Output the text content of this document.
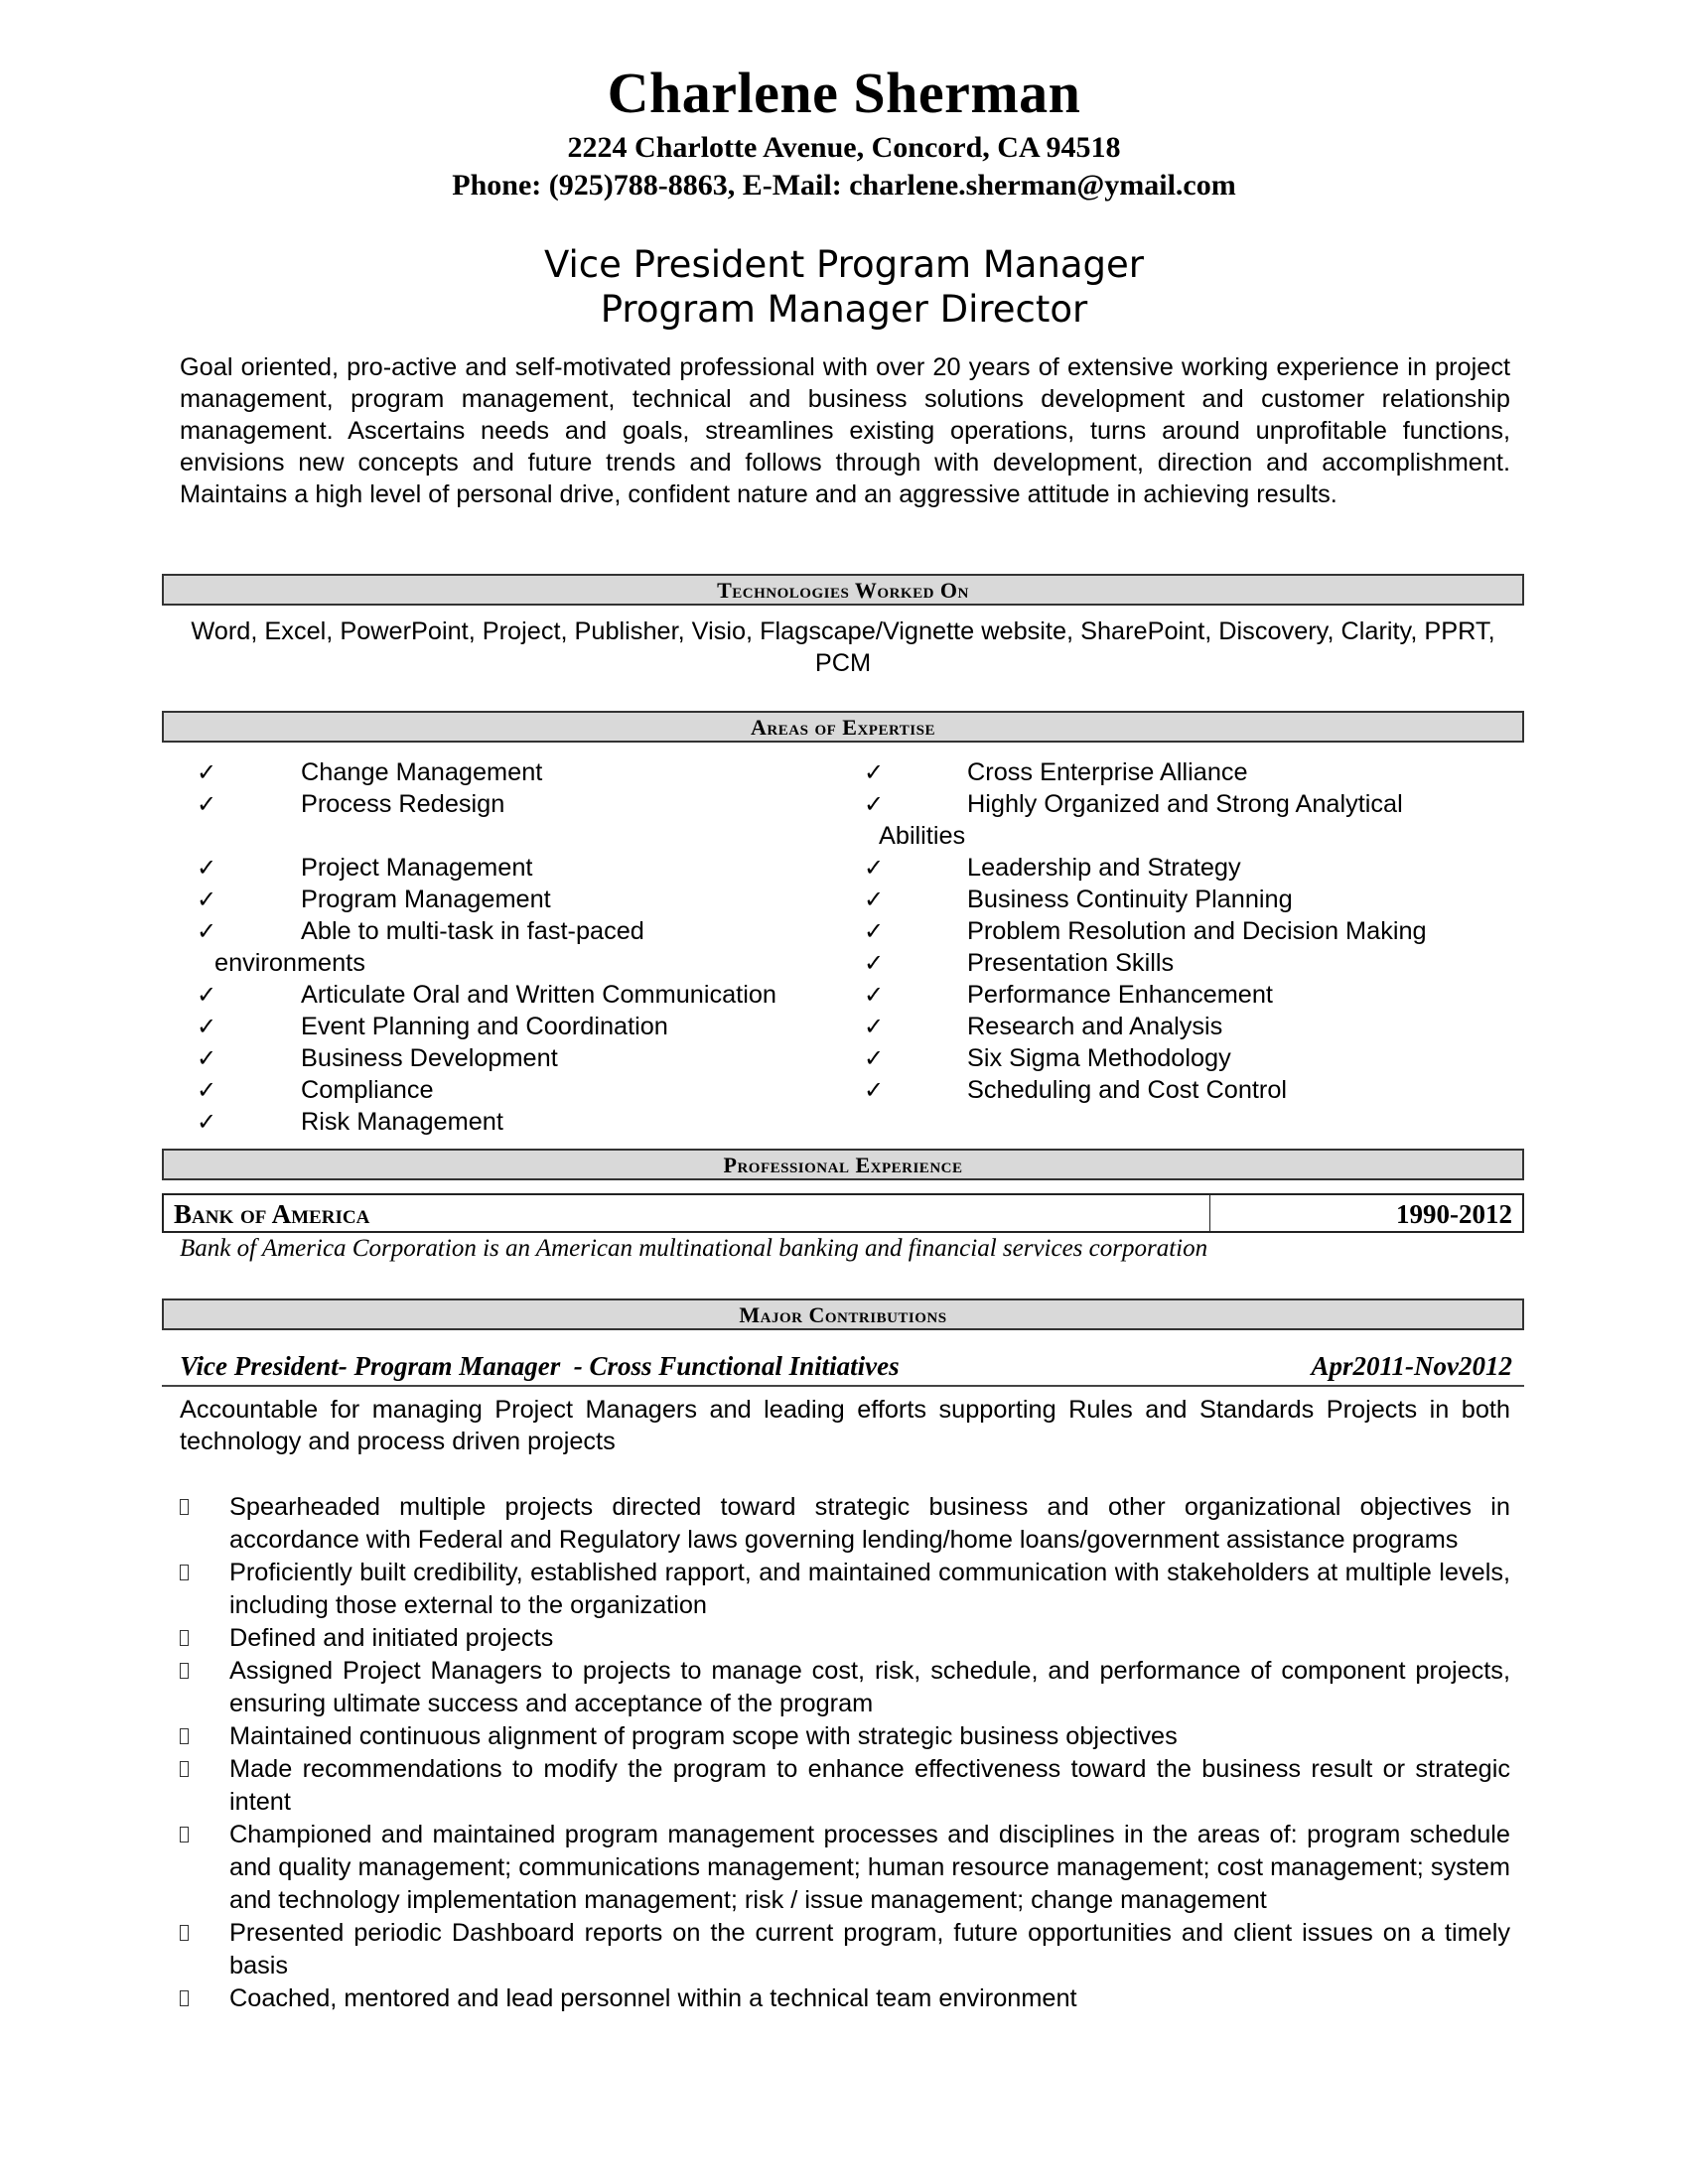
Charlene Sherman
2224 Charlotte Avenue, Concord, CA 94518
Phone: (925)788-8863, E-Mail: charlene.sherman@ymail.com
Vice President Program Manager
Program Manager Director
Goal oriented, pro-active and self-motivated professional with over 20 years of extensive working experience in project management, program management, technical and business solutions development and customer relationship management. Ascertains needs and goals, streamlines existing operations, turns around unprofitable functions, envisions new concepts and future trends and follows through with development, direction and accomplishment. Maintains a high level of personal drive, confident nature and an aggressive attitude in achieving results.
Technologies Worked On
Word, Excel, PowerPoint, Project, Publisher, Visio, Flagscape/Vignette website, SharePoint, Discovery, Clarity, PPRT, PCM
Areas of Expertise
✓	Change Management
✓	Process Redesign
✓	Project Management
✓	Program Management
✓	Able to multi-task in fast-paced
environments
✓	Articulate Oral and Written Communication
✓	Event Planning and Coordination
✓	Business Development
✓	Compliance
✓	Risk Management
✓	Cross Enterprise Alliance
✓	Highly Organized and Strong Analytical
Abilities
✓	Leadership and Strategy
✓	Business Continuity Planning
✓	Problem Resolution and Decision Making
✓	Presentation Skills
✓	Performance Enhancement
✓	Research and Analysis
✓	Six Sigma Methodology
✓	Scheduling and Cost Control
Professional Experience
Bank of America	1990-2012
Bank of America Corporation is an American multinational banking and financial services corporation
Major Contributions
Vice President- Program Manager  - Cross Functional Initiatives	Apr2011-Nov2012
Accountable for managing Project Managers and leading efforts supporting Rules and Standards Projects in both technology and process driven projects
Spearheaded multiple projects directed toward strategic business and other organizational objectives in accordance with Federal and Regulatory laws governing lending/home loans/government assistance programs
Proficiently built credibility, established rapport, and maintained communication with stakeholders at multiple levels, including those external to the organization
Defined and initiated projects
Assigned Project Managers to projects to manage cost, risk, schedule, and performance of component projects, ensuring ultimate success and acceptance of the program
Maintained continuous alignment of program scope with strategic business objectives
Made recommendations to modify the program to enhance effectiveness toward the business result or strategic intent
Championed and maintained program management processes and disciplines in the areas of: program schedule and quality management; communications management; human resource management; cost management; system and technology implementation management; risk / issue management; change management
Presented periodic Dashboard reports on the current program, future opportunities and client issues on a timely basis
Coached, mentored and lead personnel within a technical team environment
